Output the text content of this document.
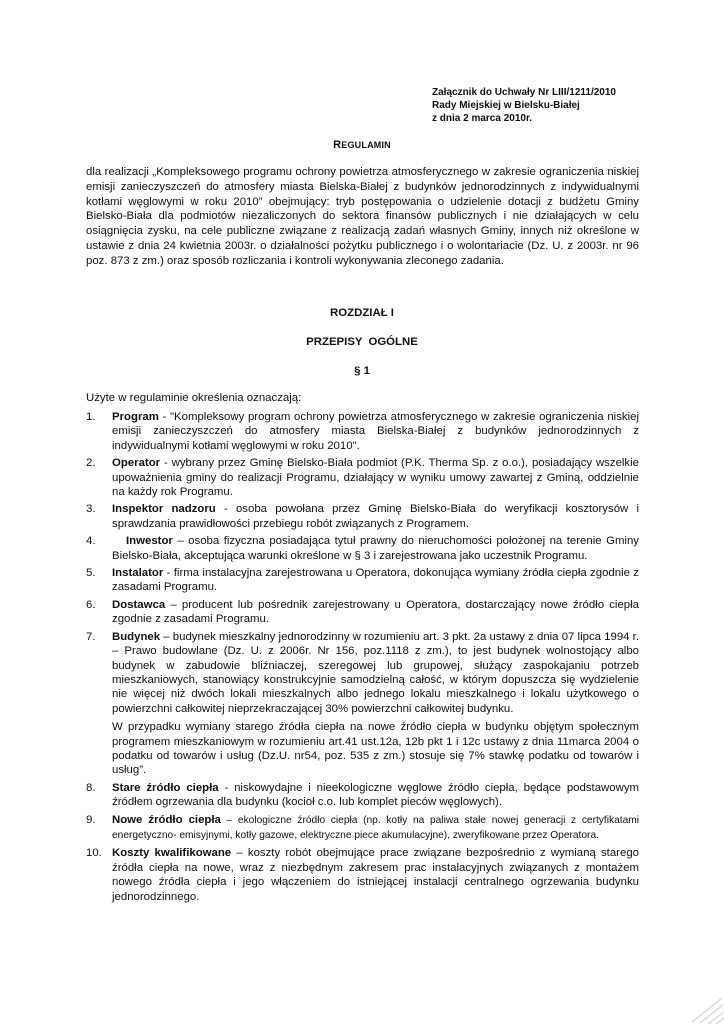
Załącznik do Uchwały Nr LIII/1211/2010
Rady Miejskiej w Bielsku-Białej
z dnia 2 marca 2010r.
REGULAMIN
dla realizacji „Kompleksowego programu ochrony powietrza atmosferycznego w zakresie ograniczenia niskiej emisji zanieczyszczeń do atmosfery miasta Bielska-Białej z budynków jednorodzinnych z indywidualnymi kotłami węglowymi w roku 2010” obejmujący: tryb postępowania o udzielenie dotacji z budżetu Gminy Bielsko-Biała dla podmiotów niezaliczonych do sektora finansów publicznych i nie działających w celu osiągnięcia zysku, na cele publiczne związane z realizacją zadań własnych Gminy, innych niż określone w ustawie z dnia 24 kwietnia 2003r. o działalności pożytku publicznego i o wolontariacie (Dz. U. z 2003r. nr 96 poz. 873 z zm.) oraz sposób rozliczania i kontroli wykonywania zleconego zadania.
ROZDZIAŁ I
PRZEPISY OGÓLNE
§ 1
Użyte w regulaminie określenia oznaczają:
1.	Program - "Kompleksowy program ochrony powietrza atmosferycznego w zakresie ograniczenia niskiej emisji zanieczyszczeń do atmosfery miasta Bielska-Białej z budynków jednorodzinnych z indywidualnymi kotłami węglowymi w roku 2010".
2.	Operator - wybrany przez Gminę Bielsko-Biała podmiot (P.K. Therma Sp. z o.o.), posiadający wszelkie upoważnienia gminy do realizacji Programu, działający w wyniku umowy zawartej z Gminą, oddzielnie na każdy rok Programu.
3.	Inspektor nadzoru - osoba powołana przez Gminę Bielsko-Biała do weryfikacji kosztorysów i sprawdzania prawidłowości przebiegu robót związanych z Programem.
4.	Inwestor – osoba fizyczna posiadająca tytuł prawny do nieruchomości położonej na terenie Gminy Bielsko-Biała, akceptująca warunki określone w § 3 i zarejestrowana jako uczestnik Programu.
5.	Instalator - firma instalacyjna zarejestrowana u Operatora, dokonująca wymiany źródła ciepła zgodnie z zasadami Programu.
6.	Dostawca – producent lub pośrednik zarejestrowany u Operatora, dostarczający nowe źródło ciepła zgodnie z zasadami Programu.
7.	Budynek – budynek mieszkalny jednorodzinny w rozumieniu art. 3 pkt. 2a ustawy z dnia 07 lipca 1994 r. – Prawo budowlane (Dz. U. z 2006r. Nr 156, poz.1118 z zm.), to jest budynek wolnostojący albo budynek w zabudowie bliźniaczej, szeregowej lub grupowej, służący zaspokajaniu potrzeb mieszkaniowych, stanowiący konstrukcyjnie samodzielną całość, w którym dopuszcza się wydzielenie nie więcej niż dwóch lokali mieszkalnych albo jednego lokalu mieszkalnego i lokalu użytkowego o powierzchni całkowitej nieprzekraczającej 30% powierzchni całkowitej budynku.
W przypadku wymiany starego źródła ciepła na nowe źródło ciepła w budynku objętym społecznym programem mieszkaniowym w rozumieniu art.41 ust.12a, 12b pkt 1 i 12c ustawy z dnia 11marca 2004 o podatku od towarów i usług (Dz.U. nr54, poz. 535 z zm.) stosuje się 7% stawkę podatku od towarów i usług”.
8.	Stare źródło ciepła - niskowydajne i nieekologiczne węglowe źródło ciepła, będące podstawowym źródłem ogrzewania dla budynku (kocioł c.o. lub komplet pieców węglowych).
9.	Nowe źródło ciepła – ekologiczne źródło ciepła (np. kotły na paliwa stałe nowej generacji z certyfikatami energetyczno- emisyjnymi, kotły gazowe, elektryczne piece akumulacyjne), zweryfikowane przez Operatora.
10. Koszty kwalifikowane – koszty robót obejmujące prace związane bezpośrednio z wymianą starego źródła ciepła na nowe, wraz z niezbędnym zakresem prac instalacyjnych związanych z montażem nowego źródła ciepła i jego włączeniem do istniejącej instalacji centralnego ogrzewania budynku jednorodzinnego.
